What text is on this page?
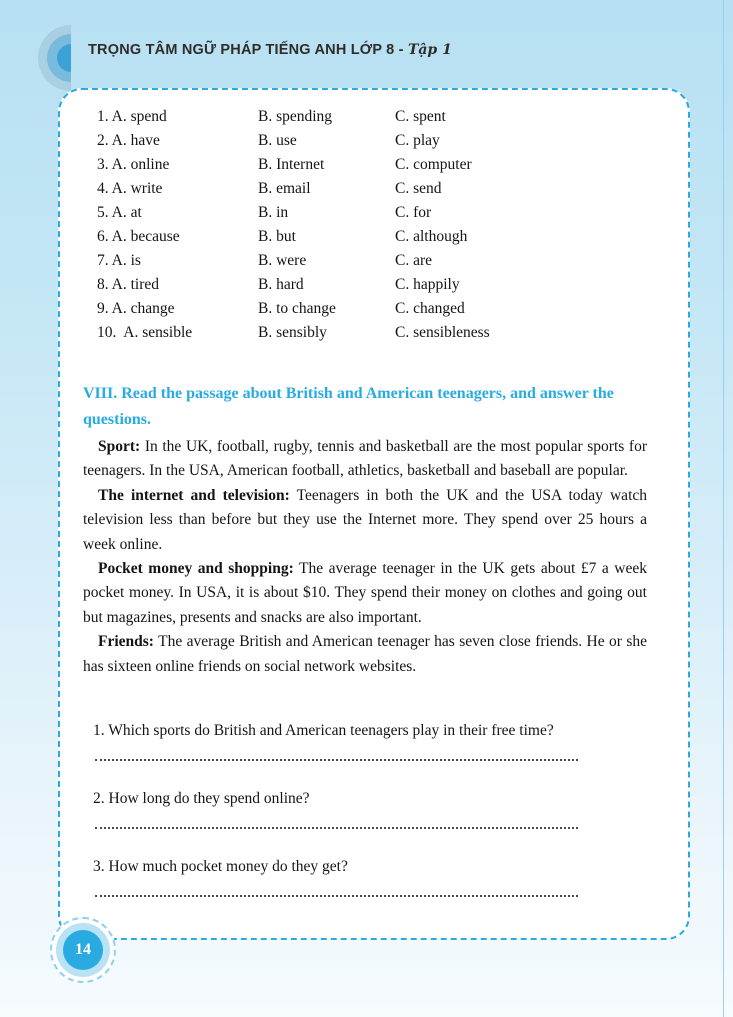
TRỌNG TÂM NGỮ PHÁP TIẾNG ANH LỚP 8 - Tập 1
1. A. spend	B. spending	C. spent
2. A. have	B. use	C. play
3. A. online	B. Internet	C. computer
4. A. write	B. email	C. send
5. A. at	B. in	C. for
6. A. because	B. but	C. although
7. A. is	B. were	C. are
8. A. tired	B. hard	C. happily
9. A. change	B. to change	C. changed
10.  A. sensible	B. sensibly	C. sensibleness
VIII. Read the passage about British and American teenagers, and answer the questions.

Sport: In the UK, football, rugby, tennis and basketball are the most popular sports for teenagers. In the USA, American football, athletics, basketball and baseball are popular.

The internet and television: Teenagers in both the UK and the USA today watch television less than before but they use the Internet more. They spend over 25 hours a week online.

Pocket money and shopping: The average teenager in the UK gets about £7 a week pocket money. In USA, it is about $10. They spend their money on clothes and going out but magazines, presents and snacks are also important.

Friends: The average British and American teenager has seven close friends. He or she has sixteen online friends on social network websites.

1. Which sports do British and American teenagers play in their free time?
2. How long do they spend online?
3. How much pocket money do they get?
14
